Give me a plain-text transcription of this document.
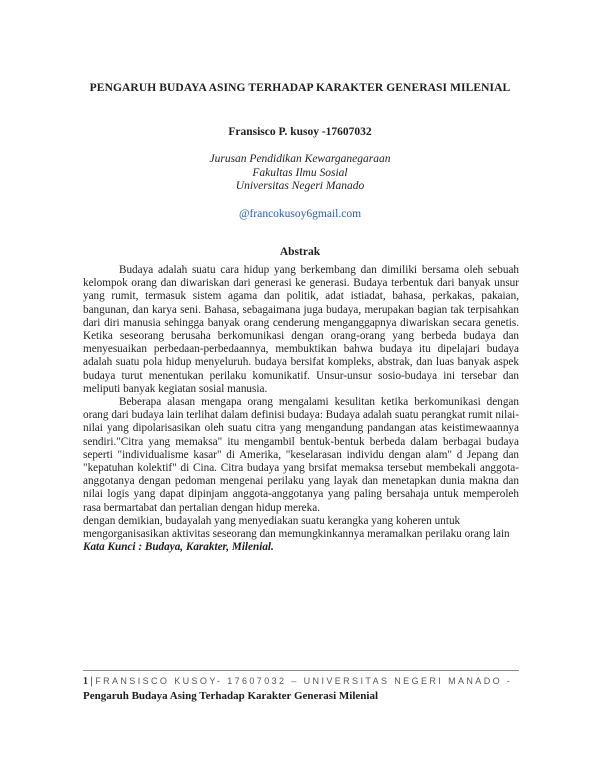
PENGARUH BUDAYA ASING TERHADAP KARAKTER GENERASI MILENIAL
Fransisco P. kusoy -17607032
Jurusan Pendidikan Kewarganegaraan
Fakultas Ilmu Sosial
Universitas Negeri Manado
@francokusoy6gmail.com
Abstrak

Budaya adalah suatu cara hidup yang berkembang dan dimiliki bersama oleh sebuah kelompok orang dan diwariskan dari generasi ke generasi. Budaya terbentuk dari banyak unsur yang rumit, termasuk sistem agama dan politik, adat istiadat, bahasa, perkakas, pakaian, bangunan, dan karya seni. Bahasa, sebagaimana juga budaya, merupakan bagian tak terpisahkan dari diri manusia sehingga banyak orang cenderung menganggapnya diwariskan secara genetis. Ketika seseorang berusaha berkomunikasi dengan orang-orang yang berbeda budaya dan menyesuaikan perbedaan-perbedaannya, membuktikan bahwa budaya itu dipelajari budaya adalah suatu pola hidup menyeluruh. budaya bersifat kompleks, abstrak, dan luas banyak aspek budaya turut menentukan perilaku komunikatif. Unsur-unsur sosio-budaya ini tersebar dan meliputi banyak kegiatan sosial manusia.

Beberapa alasan mengapa orang mengalami kesulitan ketika berkomunikasi dengan orang dari budaya lain terlihat dalam definisi budaya: Budaya adalah suatu perangkat rumit nilai-nilai yang dipolarisasikan oleh suatu citra yang mengandung pandangan atas keistimewaannya sendiri."Citra yang memaksa" itu mengambil bentuk-bentuk berbeda dalam berbagai budaya seperti "individualisme kasar" di Amerika, "keselarasan individu dengan alam" d Jepang dan "kepatuhan kolektif" di Cina. Citra budaya yang brsifat memaksa tersebut membekali anggota-anggotanya dengan pedoman mengenai perilaku yang layak dan menetapkan dunia makna dan nilai logis yang dapat dipinjam anggota-anggotanya yang paling bersahaja untuk memperoleh rasa bermartabat dan pertalian dengan hidup mereka.

dengan demikian, budayalah yang menyediakan suatu kerangka yang koheren untuk mengorganisasikan aktivitas seseorang dan memungkinkannya meramalkan perilaku orang lain

Kata Kunci : Budaya, Karakter, Milenial.

1 | FRANSISCO KUSOY- 17607032 – UNIVERSITAS NEGERI MANADO - Pengaruh Budaya Asing Terhadap Karakter Generasi Milenial
